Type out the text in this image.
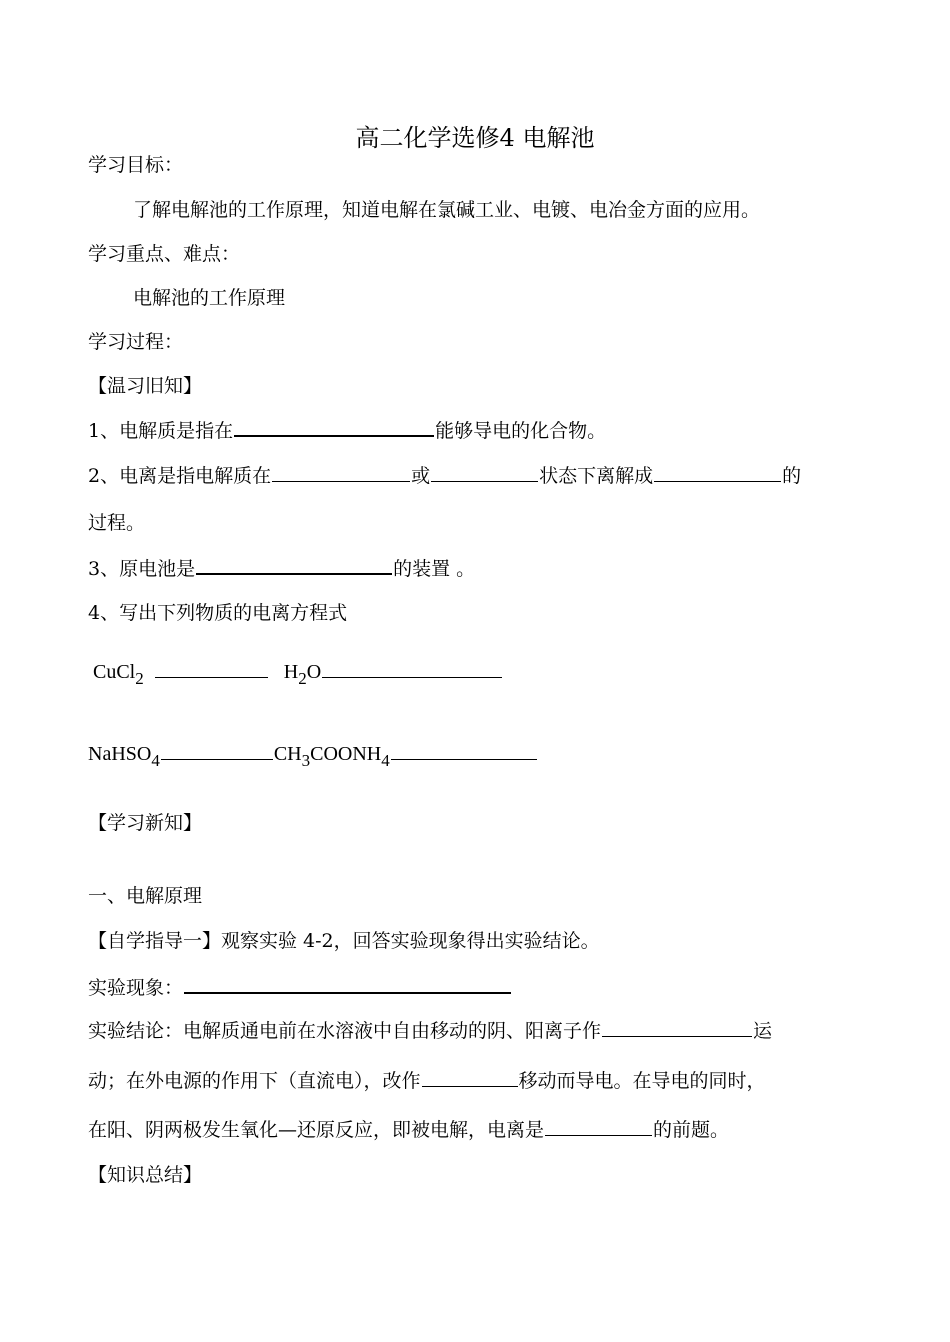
高二化学选修4 电解池
学习目标：
了解电解池的工作原理，知道电解在氯碱工业、电镀、电冶金方面的应用。
学习重点、难点：
电解池的工作原理
学习过程：
【温习旧知】
1、电解质是指在	能够导电的化合物。
2、电离是指电解质在	或	状态下离解成	的
过程。
3、原电池是	的装置 。
4、写出下列物质的电离方程式
CuCl$_2$	$H_2O$
NaHSO$_4$	$CH_3COONH_4$
【学习新知】
一、电解原理
【自学指导一】观察实验 4-2，回答实验现象得出实验结论。
实验现象：
实验结论：电解质通电前在水溶液中自由移动的阴、阳离子作	运
动；在外电源的作用下（直流电），改作	移动而导电。在导电的同时，
在阳、阴两极发生氧化—还原反应，即被电解，电离是	的前题。
【知识总结】
